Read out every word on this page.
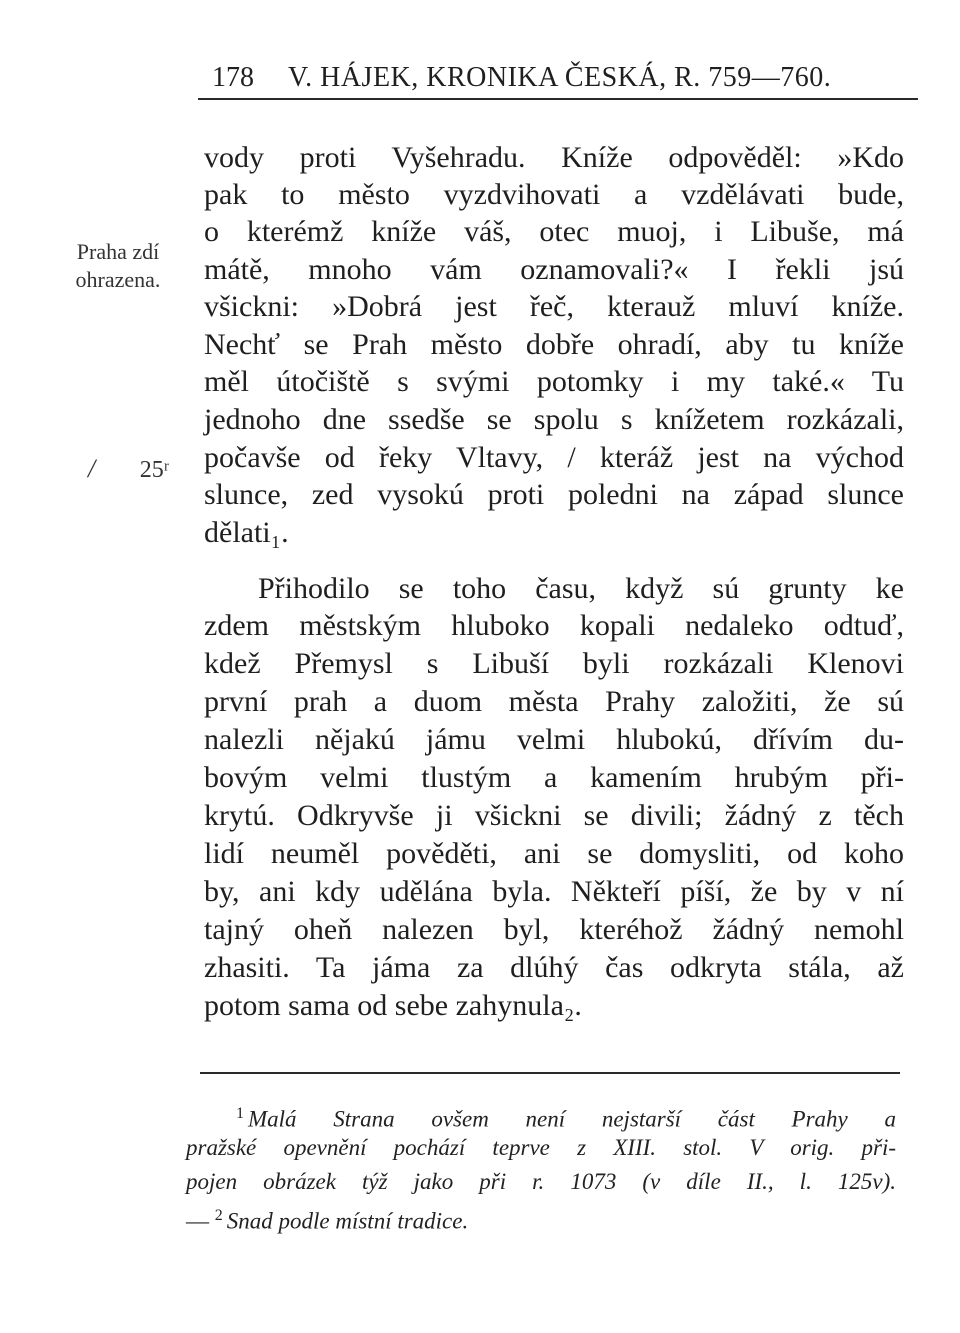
178 V. HÁJEK, KRONIKA ČESKÁ, R. 759—760.
Praha zdí
ohrazena.
/ 25ʳ
vody proti Vyšehradu. Kníže odpověděl: »Kdo
pak to město vyzdvihovati a vzdělávati bude,
o kterémž kníže váš, otec muoj, i Libuše, má
mátě, mnoho vám oznamovali?« I řekli jsú
všickni: »Dobrá jest řeč, kterauž mluví kníže.
Nechť se Prah město dobře ohradí, aby tu kníže
měl útočiště s svými potomky i my také.« Tu
jednoho dne ssedše se spolu s knížetem rozkázali,
počavše od řeky Vltavy, / kteráž jest na východ
slunce, zed vysokú proti poledni na západ slunce
dělati₁.
Přihodilo se toho času, když sú grunty ke
zdem městským hluboko kopali nedaleko odtuď,
kdež Přemysl s Libuší byli rozkázali Klenovi
první prah a duom města Prahy založiti, že sú
nalezli nějakú jámu velmi hlubokú, dřívím du-
bovým velmi tlustým a kamením hrubým při-
krytú. Odkryvše ji všickni se divili; žádný z těch
lidí neuměl pověděti, ani se domysliti, od koho
by, ani kdy udělána byla. Někteří píší, že by v ní
tajný oheň nalezen byl, kteréhož žádný nemohl
zhasiti. Ta jáma za dlúhý čas odkryta stála, až
potom sama od sebe zahynula₂.
$^1$ Malá Strana ovšem není nejstarší část Prahy a
pražské opevnění pochází teprve z XIII. stol. V orig. při-
pojen obrázek týž jako při r. 1073 (v díle II., l. 125v).
— $^2$ Snad podle místní tradice.
